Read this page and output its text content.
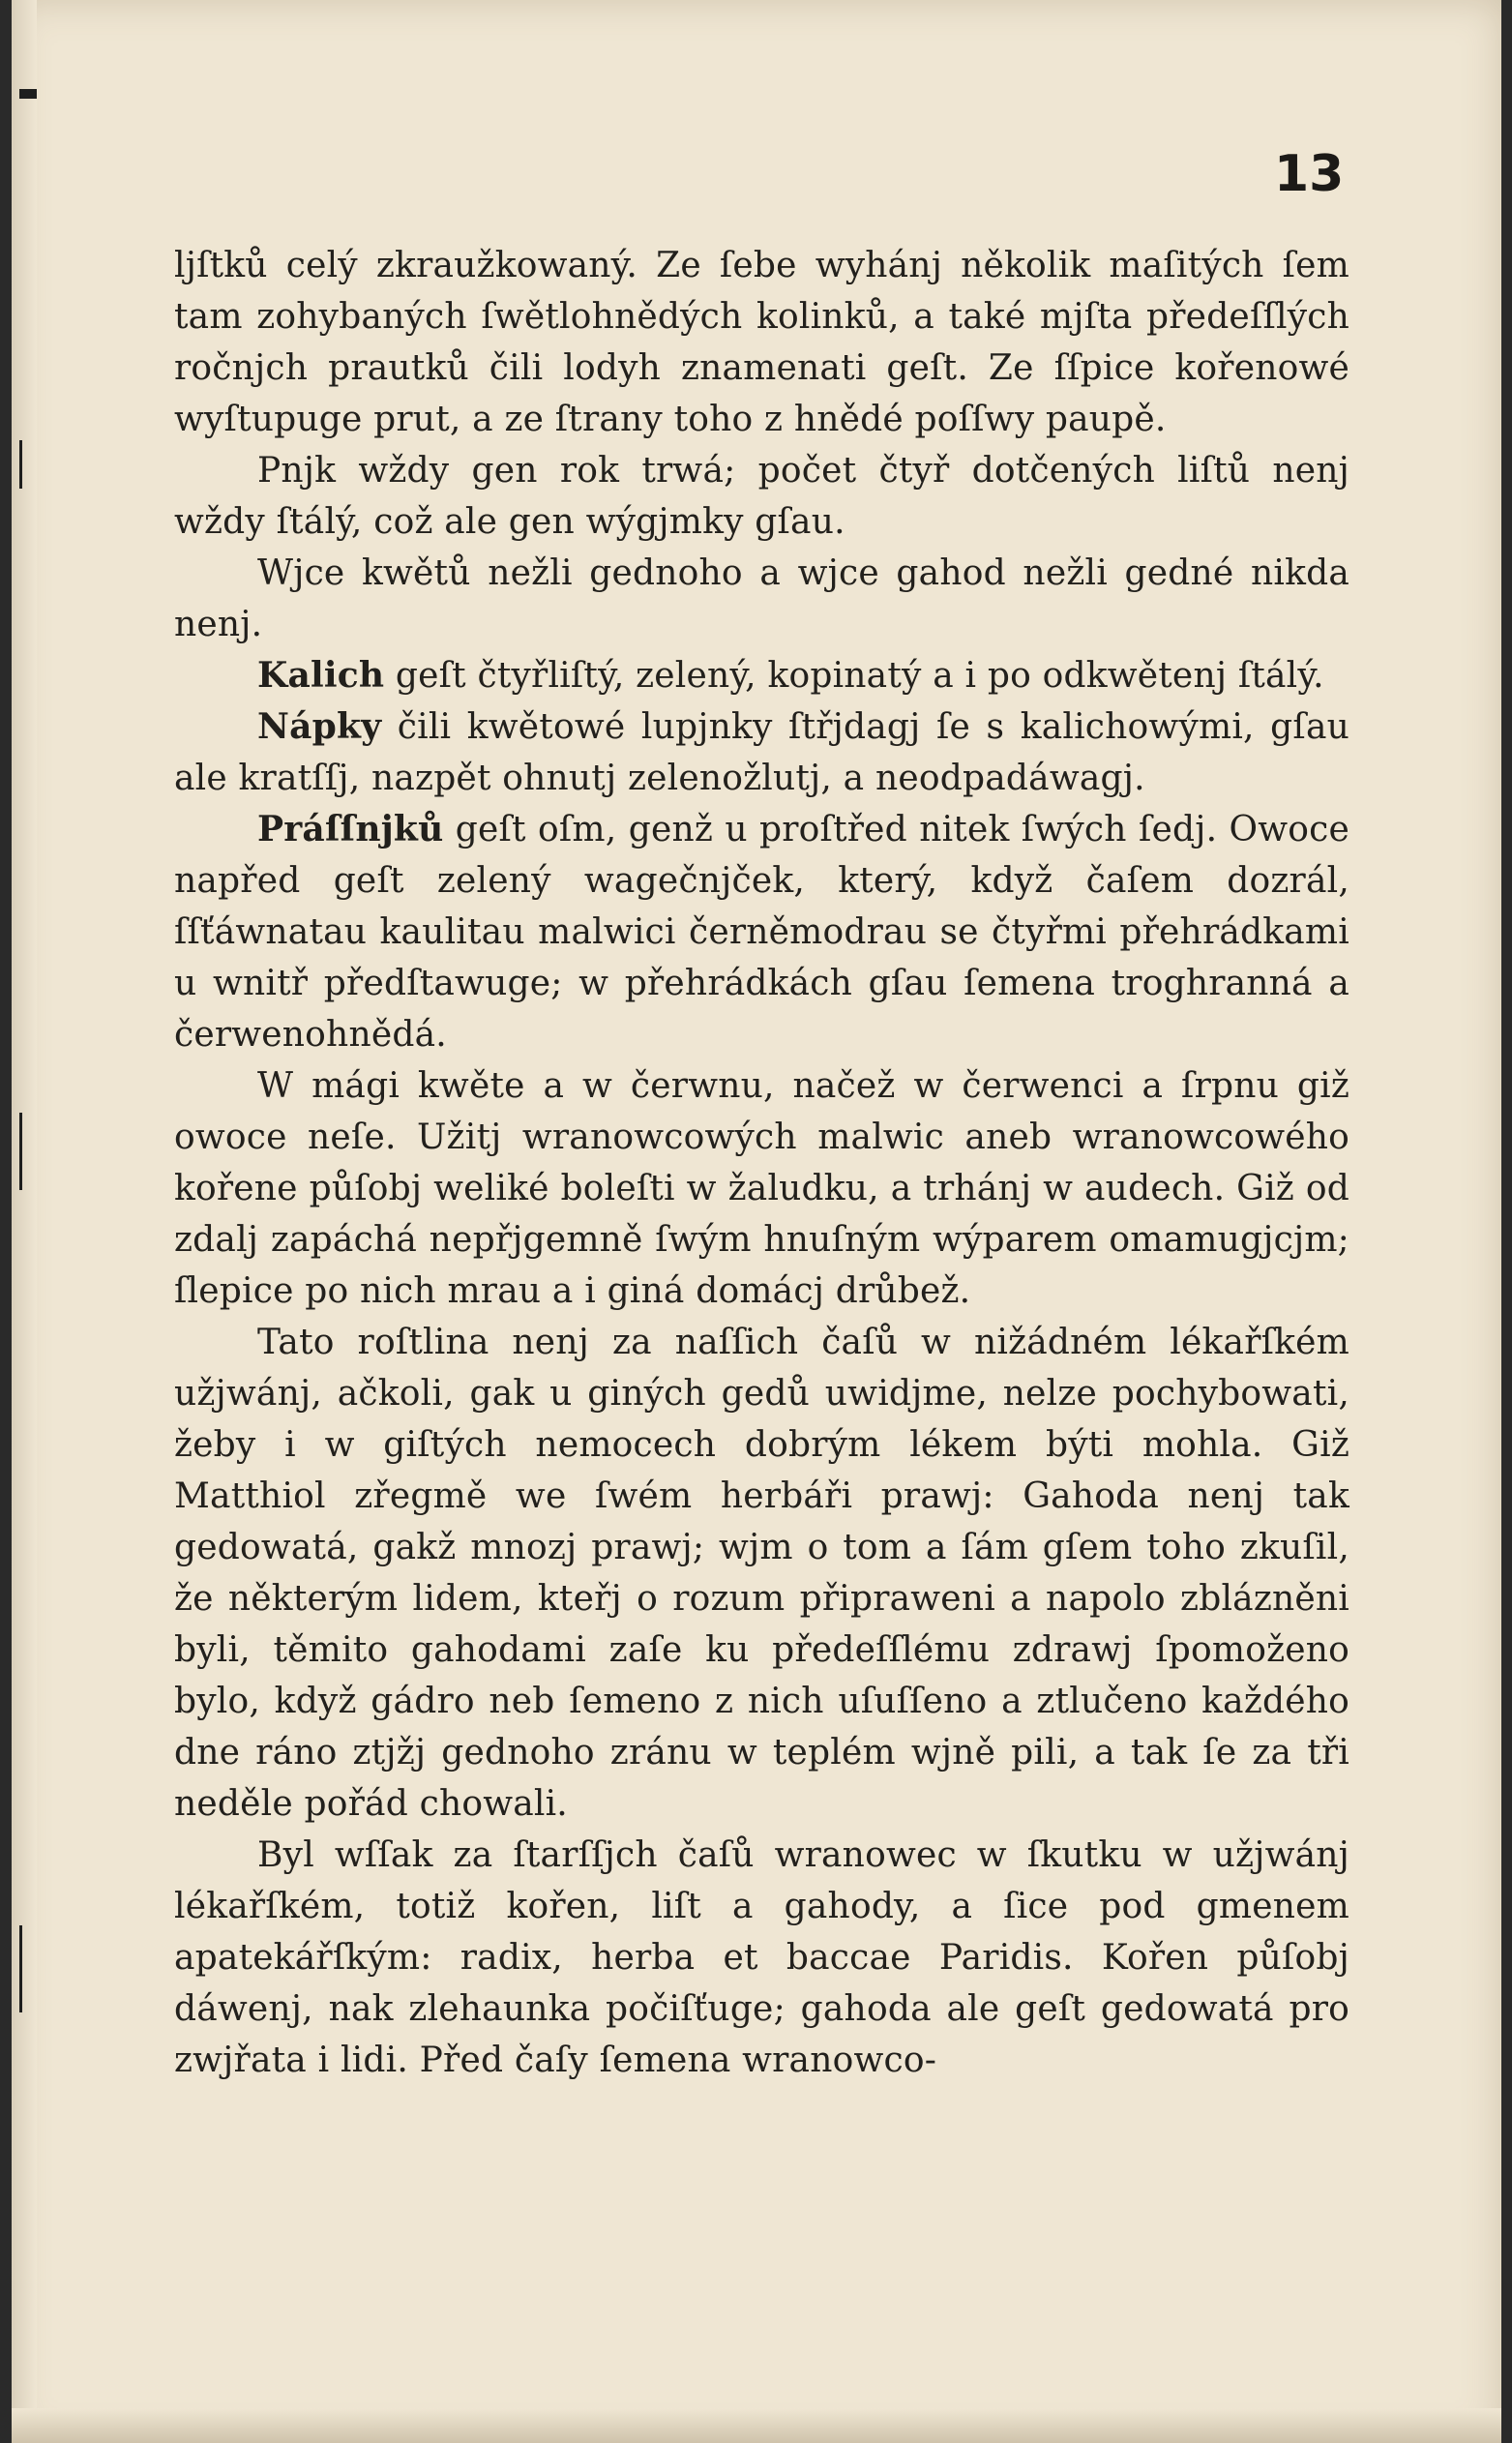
13

ljſtků celý zkraužkowaný. Ze ſebe wyhánj několik maſitých ſem tam zohybaných ſwětlohnědých kolinků, a také mjſta předeſſlých ročnjch prautků čili lodyh znamenati geſt. Ze ſſpice kořenowé wyſtupuge prut, a ze ſtrany toho z hnědé poſſwy paupě.

Pnjk wždy gen rok trwá; počet čtyř dotčených liſtů nenj wždy ſtálý, což ale gen wýgjmky gſau.

Wjce kwětů nežli gednoho a wjce gahod nežli gedné nikda nenj.

Kalich geſt čtyřliſtý, zelený, kopinatý a i po odkwětenj ſtálý.

Nápky čili kwětowé lupjnky ſtřjdagj ſe s kalichowými, gſau ale kratſſj, nazpět ohnutj zelenožlutj, a neodpadáwagj.

Práſſnjků geſt oſm, genž u proſtřed nitek ſwých ſedj. Owoce napřed geſt zelený wagečnjček, který, když čaſem dozrál, ſſťáwnatau kaulitau malwici černěmodrau se čtyřmi přehrádkami u wnitř předſtawuge; w přehrádkách gſau ſemena troghranná a čerwenohnědá.

W mági kwěte a w čerwnu, načež w čerwenci a ſrpnu giž owoce neſe. Užitj wranowcowých malwic aneb wranowcowého kořene půſobj weliké boleſti w žaludku, a trhánj w audech. Giž od zdalj zapáchá nepřjgemně ſwým hnuſným wýparem omamugjcjm; ſlepice po nich mrau a i giná domácj drůbež.

Tato roſtlina nenj za naſſich čaſů w nižádném lékařſkém užjwánj, ačkoli, gak u giných gedů uwidjme, nelze pochybowati, žeby i w giſtých nemocech dobrým lékem býti mohla. Giž Matthiol zřegmě we ſwém herbáři prawj: Gahoda nenj tak gedowatá, gakž mnozj prawj; wjm o tom a ſám gſem toho zkuſil, že některým lidem, kteřj o rozum připraweni a napolo zblázněni byli, těmito gahodami zaſe ku předeſſlému zdrawj ſpomoženo bylo, když gádro neb ſemeno z nich uſuſſeno a ztlučeno každého dne ráno ztjžj gednoho zránu w teplém wjně pili, a tak ſe za tři neděle pořád chowali.

Byl wſſak za ſtarſſjch čaſů wranowec w ſkutku w užjwánj lékařſkém, totiž kořen, liſt a gahody, a ſice pod gmenem apatekářſkým: radix, herba et baccae Paridis. Kořen půſobj dáwenj, nak zlehaunka počiſťuge; gahoda ale geſt gedowatá pro zwjřata i lidi. Před čaſy ſemena wranowco-
